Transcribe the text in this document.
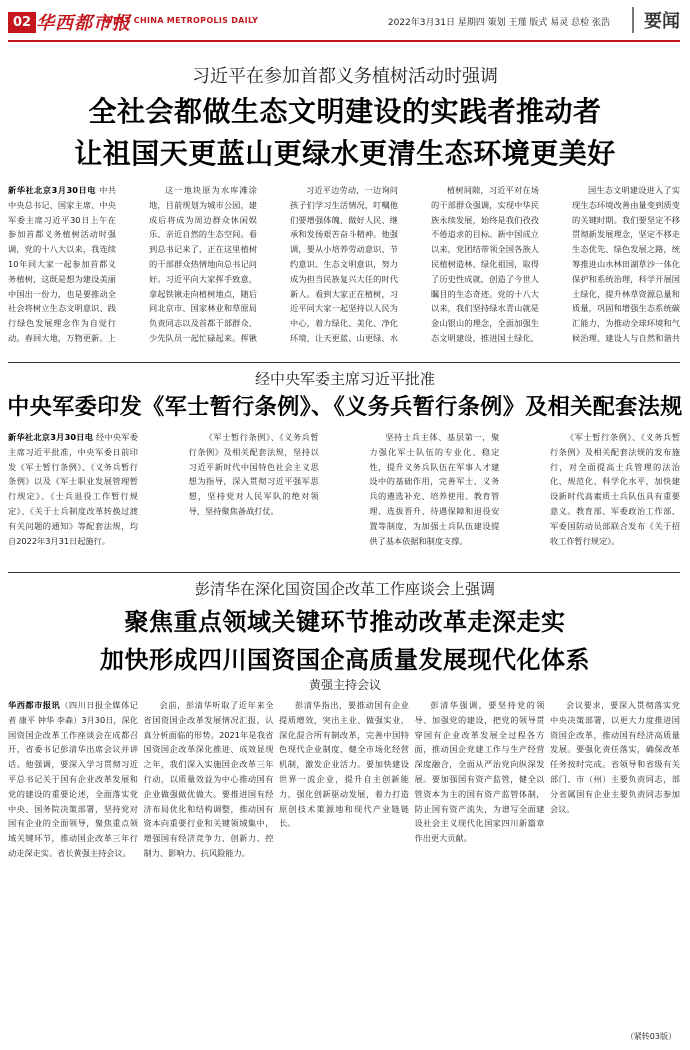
02 华西都市报
WEST CHINA METROPOLIS DAILY	2022年3月31日 星期四 策划 王瑾 版式 易灵 总检 张浩	要闻
习近平在参加首都义务植树活动时强调
全社会都做生态文明建设的实践者推动者
让祖国天更蓝山更绿水更清生态环境更美好

新华社北京3月30日电 中共中央总书记、国家主席、中央军委主席习近平30日上午在参加首都义务植树活动时强调，党的十八大以来，我连续10年同大家一起参加首都义务植树，这既是想为建设美丽中国出一份力，也是要推动全社会将树立生态文明意识、践行绿色发展理念作为自觉行动。春回大地，万物更新。上

这一地块原为水库滩涂地，目前规划为城市公园，建成后将成为周边群众休闲娱乐、亲近自然的生态空间。看到总书记来了，正在这里植树的干部群众热情地向总书记问好。习近平向大家挥手致意，拿起铁锹走向植树地点，随后同北京市、国家林业和草原局负责同志以及首都干部群众、少先队员一起忙碌起来。挥锹

习近平边劳动，一边询问孩子们学习生活情况，叮嘱他们要增强体魄、做好人民、继承和发扬艰苦奋斗精神。他强调，要从小培养劳动意识、节约意识、生态文明意识，努力成为担当民族复兴大任的时代新人。看到大家正在植树，习近平同大家一起坚持以人民为中心，着力绿化、美化、净化环境，让天更蓝、山更绿、水

植树间隙，习近平对在场的干部群众强调，实现中华民族永续发展，始终是我们孜孜不倦追求的目标。新中国成立以来，党团结带领全国各族人民植树造林、绿化祖国，取得了历史性成就，创造了今世人瞩目的生态奇迹。党的十八大以来，我们坚持绿水青山就是金山银山的理念，全面加强生态文明建设，推进国土绿化，

国生态文明建设进入了实现生态环境改善由量变到质变的关键时期。我们要坚定不移贯彻新发展理念，坚定不移走生态优先、绿色发展之路，统筹推进山水林田湖草沙一体化保护和系统治理，科学开展国土绿化，提升林草资源总量和质量，巩固和增强生态系统碳汇能力，为推动全球环境和气候治理、建设人与自然和谐共

经中央军委主席习近平批准
中央军委印发《军士暂行条例》、《义务兵暂行条例》及相关配套法规

新华社北京3月30日电 经中央军委主席习近平批准，中央军委日前印发《军士暂行条例》、《义务兵暂行条例》以及《军士职业发展管理暂行规定》、《士兵退役工作暂行规定》、《关于士兵制度改革转换过渡有关问题的通知》等配套法规，均自2022年3月31日起施行。

《军士暂行条例》、《义务兵暂行条例》及相关配套法规，坚持以习近平新时代中国特色社会主义思想为指导，深入贯彻习近平强军思想，坚持党对人民军队的绝对领导，坚持聚焦备战打仗。

坚持士兵主体、基层第一，聚力强化军士队伍的专业化、稳定性，提升义务兵队伍在军事人才建设中的基础作用，完善军士、义务兵的遴选补充、培养使用、教育管理、选拔晋升、待遇保障和退役安置等制度，为加强士兵队伍建设提供了基本依据和制度支撑。

《军士暂行条例》、《义务兵暂行条例》及相关配套法规的发布施行，对全面提高士兵管理的法治化、规范化、科学化水平，加快建设新时代高素质士兵队伍具有重要意义。教育部、军委政治工作部、军委国防动员部联合发布《关于招收工作暂行规定》。

彭清华在深化国资国企改革工作座谈会上强调
聚焦重点领域关键环节推动改革走深走实
加快形成四川国资国企高质量发展现代化体系
黄强主持会议

华西都市报讯（四川日报全媒体记者 康平 钟华 李森）3月30日，深化国资国企改革工作座谈会在成都召开，省委书记彭清华出席会议并讲话。他强调，要深入学习贯彻习近平总书记关于国有企业改革发展和党的建设的重要论述，全面落实党中央、国务院决策部署，坚持党对国有企业的全面领导，聚焦重点领域关键环节，推动国企改革三年行动走深走实。省长黄强主持会议。

会前，彭清华听取了近年来全省国资国企改革发展情况汇报，认真分析面临的形势。2021年是我省国资国企改革深化推进、成效显现之年，我们深入实施国企改革三年行动，以质量效益为中心推动国有企业做强做优做大。要推进国有经济布局优化和结构调整，推动国有资本向重要行业和关键领域集中，增强国有经济竞争力、创新力、控制力、影响力、抗风险能力。

彭清华指出，要推动国有企业提质增效，突出主业、做强实业，深化混合所有制改革，完善中国特色现代企业制度，健全市场化经营机制，激发企业活力。要加快建设世界一流企业，提升自主创新能力，强化创新驱动发展，着力打造原创技术策源地和现代产业链链长。

彭清华强调，要坚持党的领导、加强党的建设，把党的领导贯穿国有企业改革发展全过程各方面，推动国企党建工作与生产经营深度融合，全面从严治党向纵深发展。要加强国有资产监管，健全以管资本为主的国有资产监管体制，防止国有资产流失，为谱写全面建设社会主义现代化国家四川新篇章作出更大贡献。

会议要求，要深入贯彻落实党中央决策部署，以更大力度推进国资国企改革，推动国有经济高质量发展。要强化责任落实，确保改革任务按时完成。省领导和省级有关部门、市（州）主要负责同志，部分省属国有企业主要负责同志参加会议。

（紧转03版）
